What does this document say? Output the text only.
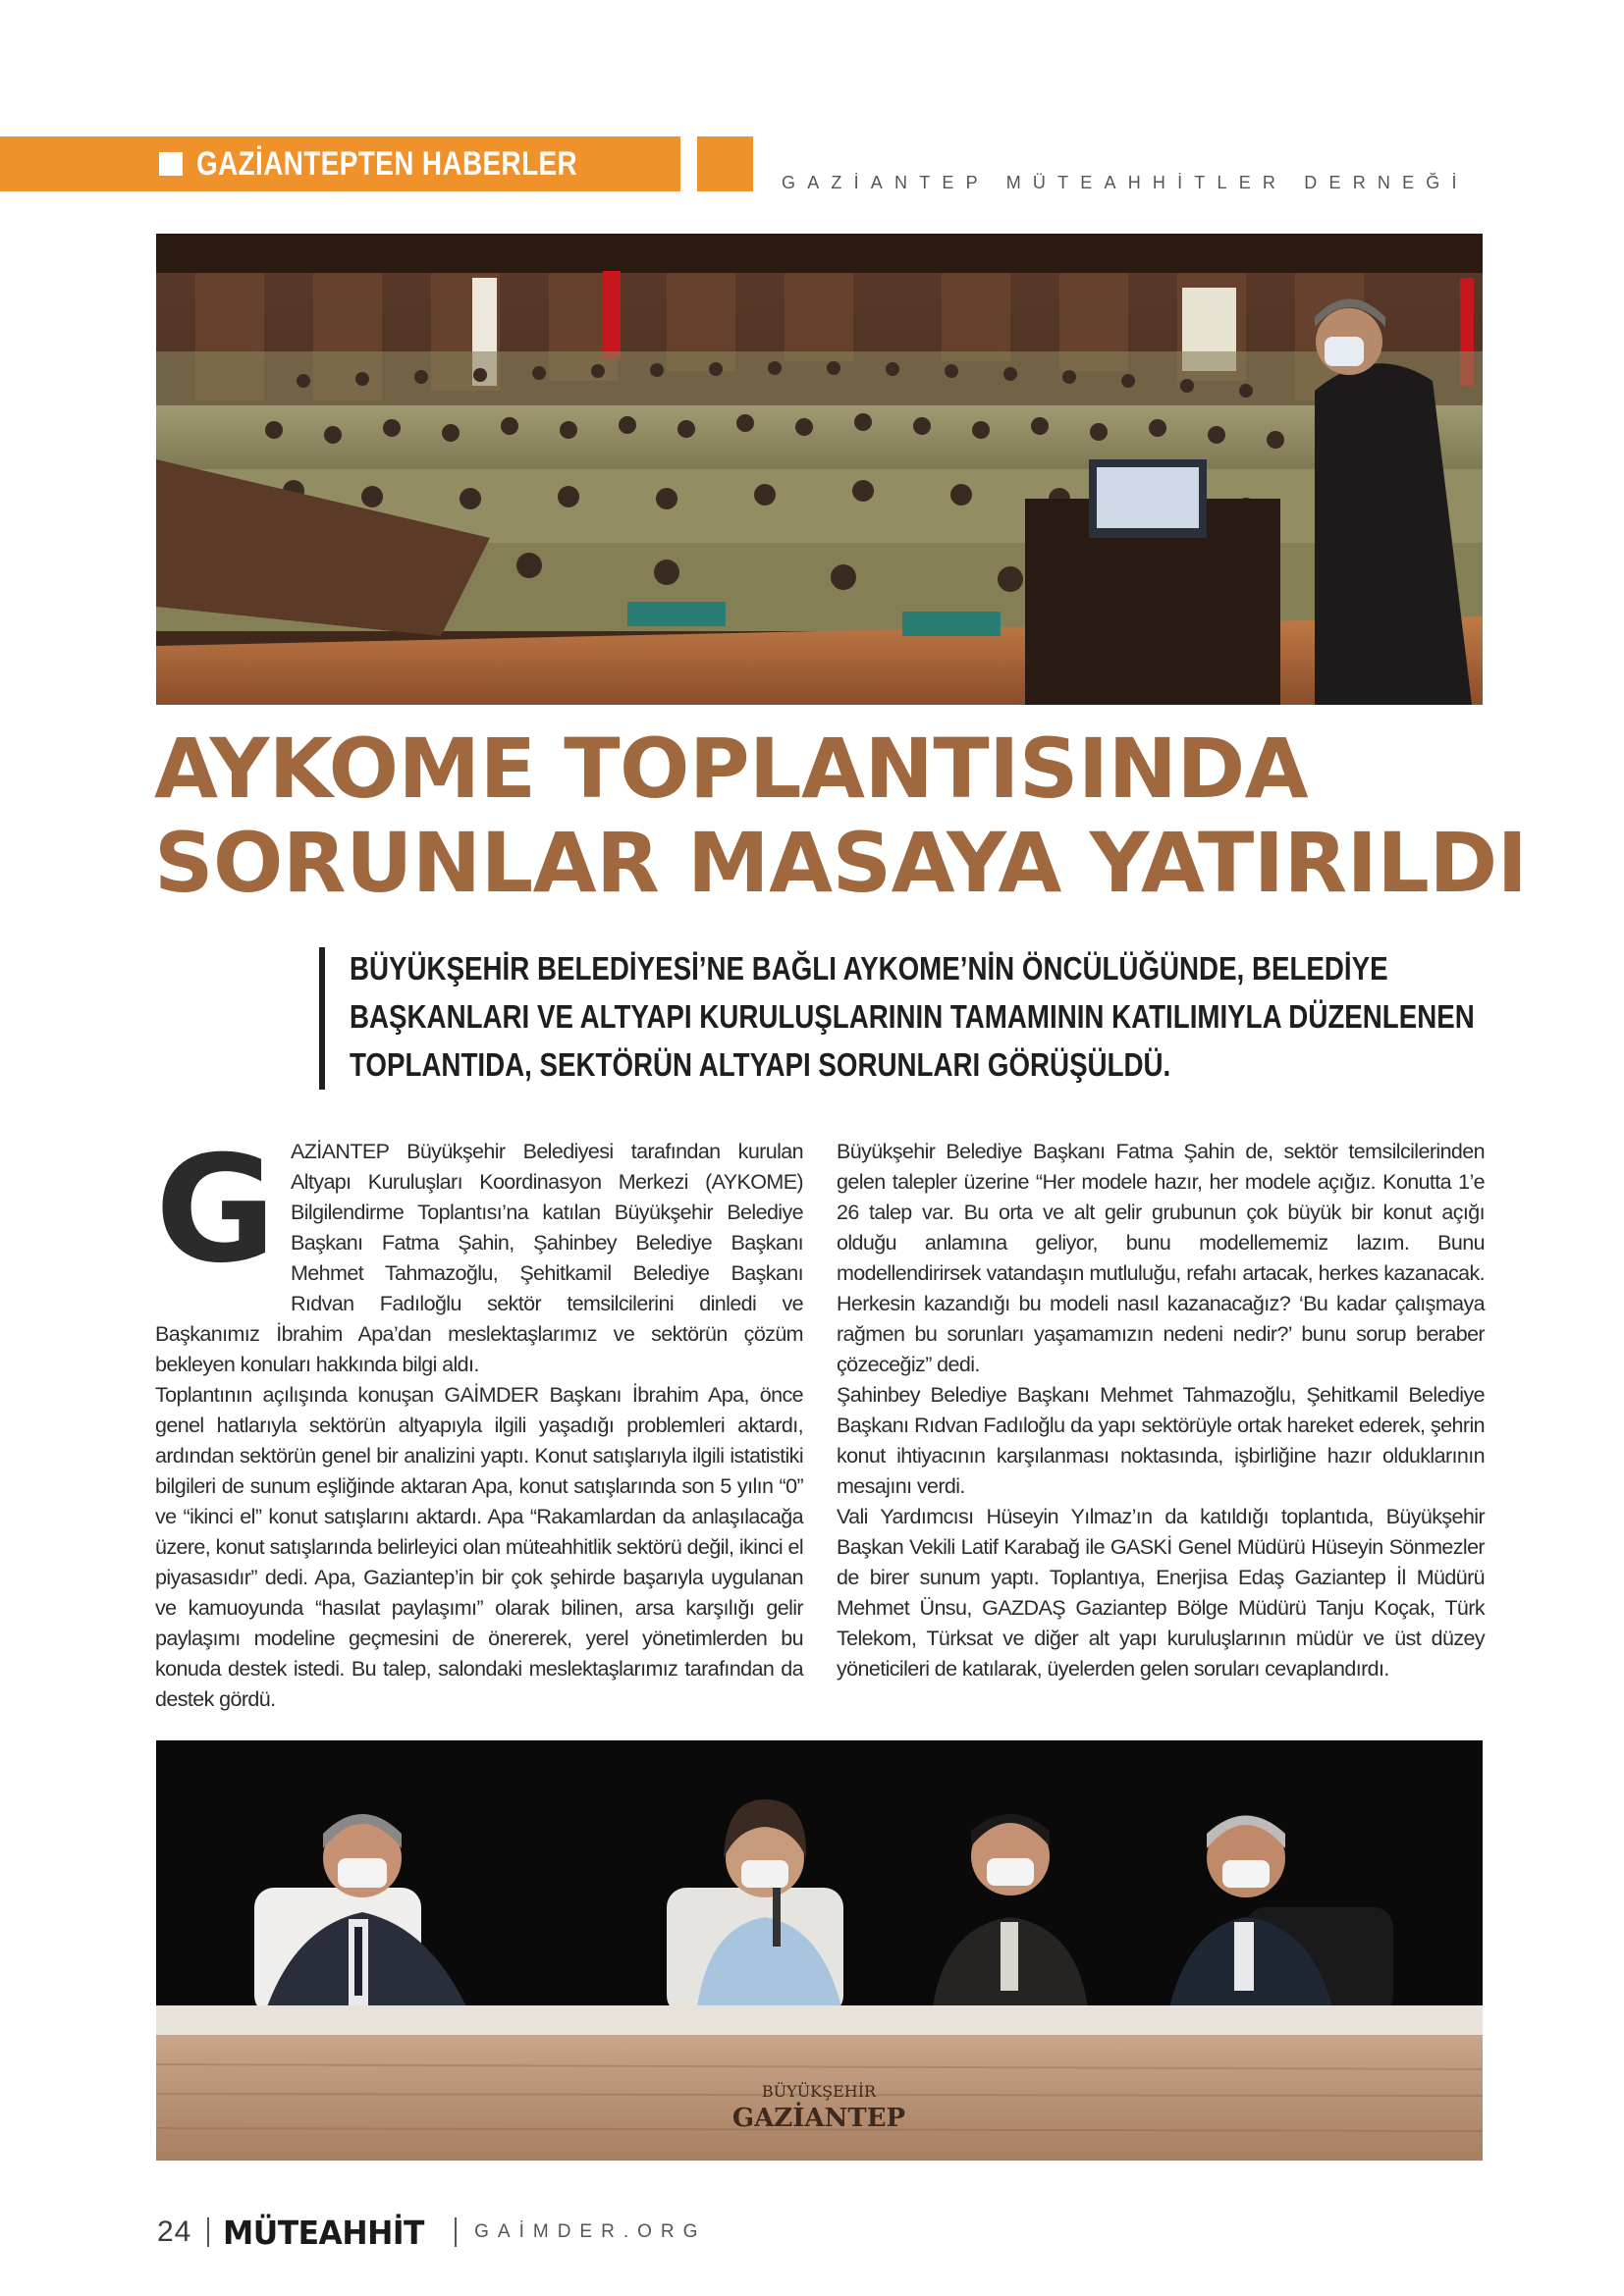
GAZİANTEPTEN HABERLER
GAZİANTEP MÜTEAHHİTLER DERNEĞİ
AYKOME TOPLANTISINDA
SORUNLAR MASAYA YATIRILDI
BÜYÜKŞEHİR BELEDİYESİ’NE BAĞLI AYKOME’NİN ÖNCÜLÜĞÜNDE, BELEDİYE
BAŞKANLARI VE ALTYAPI KURULUŞLARININ TAMAMININ KATILIMIYLA DÜZENLENEN
TOPLANTIDA, SEKTÖRÜN ALTYAPI SORUNLARI GÖRÜŞÜLDÜ.
G AZİANTEP Büyükşehir Belediyesi tarafından kurulan Altyapı Kuruluşları Koordinasyon Merkezi (AYKOME) Bilgilendirme Toplantısı’na katılan Büyükşehir Belediye Başkanı Fatma Şahin, Şahinbey Belediye Başkanı Mehmet Tahmazoğlu, Şehitkamil Belediye Başkanı Rıdvan Fadıloğlu sektör temsilcilerini dinledi ve Başkanımız İbrahim Apa’dan meslektaşlarımız ve sektörün çözüm bekleyen konuları hakkında bilgi aldı.

Toplantının açılışında konuşan GAİMDER Başkanı İbrahim Apa, önce genel hatlarıyla sektörün altyapıyla ilgili yaşadığı problemleri aktardı, ardından sektörün genel bir analizini yaptı. Konut satışlarıyla ilgili istatistiki bilgileri de sunum eşliğinde aktaran Apa, konut satışlarında son 5 yılın “0” ve “ikinci el” konut satışlarını aktardı. Apa “Rakamlardan da anlaşılacağa üzere, konut satışlarında belirleyici olan müteahhitlik sektörü değil, ikinci el piyasasıdır” dedi. Apa, Gaziantep’in bir çok şehirde başarıyla uygulanan ve kamuoyunda “hasılat paylaşımı” olarak bilinen, arsa karşılığı gelir paylaşımı modeline geçmesini de önererek, yerel yönetimlerden bu konuda destek istedi. Bu talep, salondaki meslektaşlarımız tarafından da destek gördü.

Büyükşehir Belediye Başkanı Fatma Şahin de, sektör temsilcilerinden gelen talepler üzerine “Her modele hazır, her modele açığız. Konutta 1’e 26 talep var. Bu orta ve alt gelir grubunun çok büyük bir konut açığı olduğu anlamına geliyor, bunu modellememiz lazım. Bunu modellendirirsek vatandaşın mutluluğu, refahı artacak, herkes kazanacak. Herkesin kazandığı bu modeli nasıl kazanacağız? ‘Bu kadar çalışmaya rağmen bu sorunları yaşamamızın nedeni nedir?’ bunu sorup beraber çözeceğiz” dedi.

Şahinbey Belediye Başkanı Mehmet Tahmazoğlu, Şehitkamil Belediye Başkanı Rıdvan Fadıloğlu da yapı sektörüyle ortak hareket ederek, şehrin konut ihtiyacının karşılanması noktasında, işbirliğine hazır olduklarının mesajını verdi.

Vali Yardımcısı Hüseyin Yılmaz’ın da katıldığı toplantıda, Büyükşehir Başkan Vekili Latif Karabağ ile GASKİ Genel Müdürü Hüseyin Sönmezler de birer sunum yaptı. Toplantıya, Enerjisa Edaş Gaziantep İl Müdürü Mehmet Ünsu, GAZDAŞ Gaziantep Bölge Müdürü Tanju Koçak, Türk Telekom, Türksat ve diğer alt yapı kuruluşlarının müdür ve üst düzey yöneticileri de katılarak, üyelerden gelen soruları cevaplandırdı.

BÜYÜKŞEHİR
GAZİANTEP
24 MÜTEAHHİT	GAİMDER.ORG
